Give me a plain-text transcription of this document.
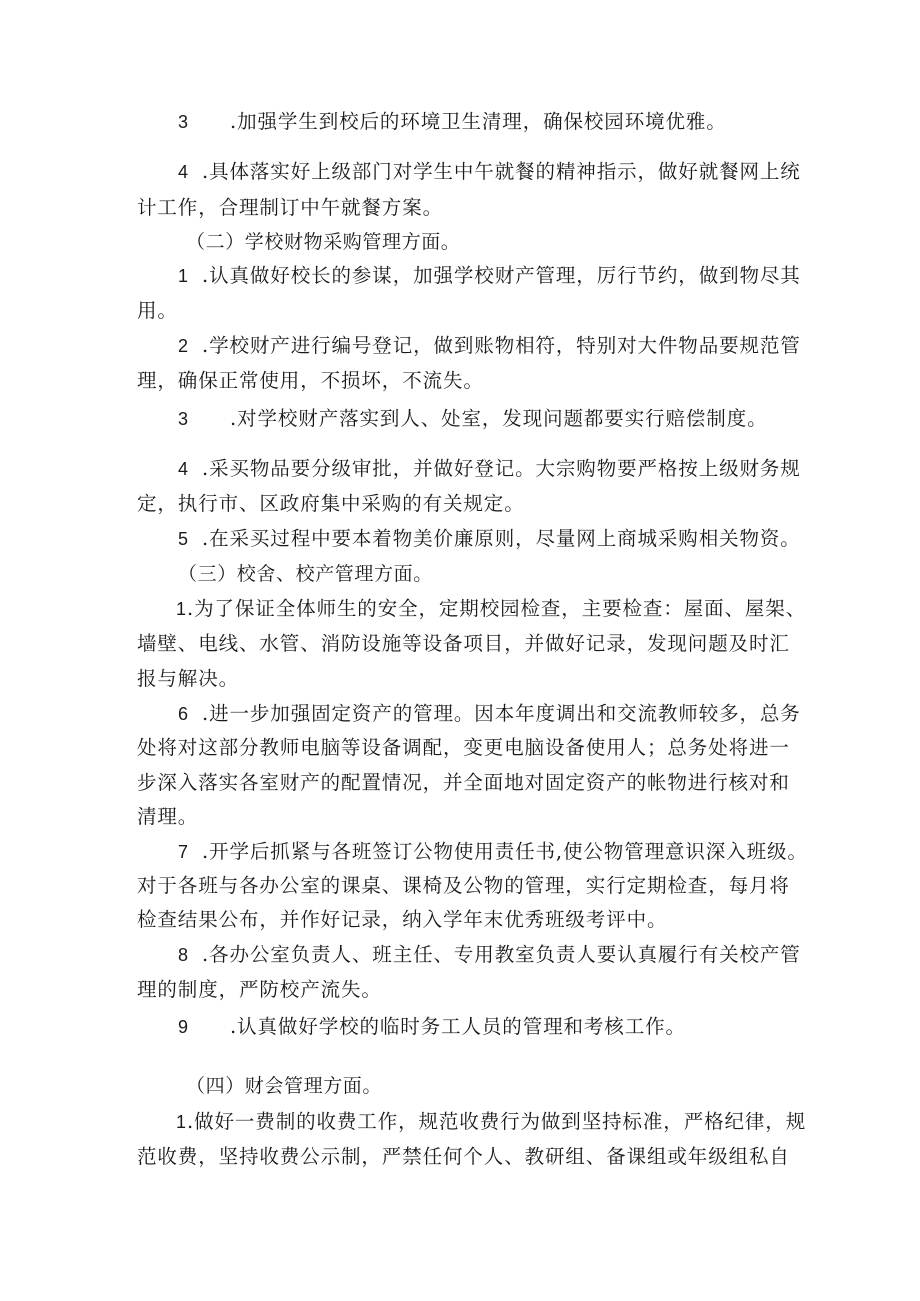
3 .加强学生到校后的环境卫生清理，确保校园环境优雅。
4 .具体落实好上级部门对学生中午就餐的精神指示，做好就餐网上统
计工作，合理制订中午就餐方案。
（二）学校财物采购管理方面。
1 .认真做好校长的参谋，加强学校财产管理，厉行节约，做到物尽其
用。
2 .学校财产进行编号登记，做到账物相符，特别对大件物品要规范管
理，确保正常使用，不损坏，不流失。
3 .对学校财产落实到人、处室，发现问题都要实行赔偿制度。
4 .采买物品要分级审批，并做好登记。大宗购物要严格按上级财务规
定，执行市、区政府集中采购的有关规定。
5 .在采买过程中要本着物美价廉原则，尽量网上商城采购相关物资。
（三）校舍、校产管理方面。
1.为了保证全体师生的安全，定期校园检查，主要检查：屋面、屋架、
墙壁、电线、水管、消防设施等设备项目，并做好记录，发现问题及时汇
报与解决。
6 .进一步加强固定资产的管理。因本年度调出和交流教师较多，总务
处将对这部分教师电脑等设备调配，变更电脑设备使用人；总务处将进一
步深入落实各室财产的配置情况，并全面地对固定资产的帐物进行核对和
清理。
7 .开学后抓紧与各班签订公物使用责任书,使公物管理意识深入班级。
对于各班与各办公室的课桌、课椅及公物的管理，实行定期检查，每月将
检查结果公布，并作好记录，纳入学年末优秀班级考评中。
8 .各办公室负责人、班主任、专用教室负责人要认真履行有关校产管
理的制度，严防校产流失。
9 .认真做好学校的临时务工人员的管理和考核工作。
（四）财会管理方面。
1.做好一费制的收费工作，规范收费行为做到坚持标准，严格纪律，规
范收费，坚持收费公示制，严禁任何个人、教研组、备课组或年级组私自
